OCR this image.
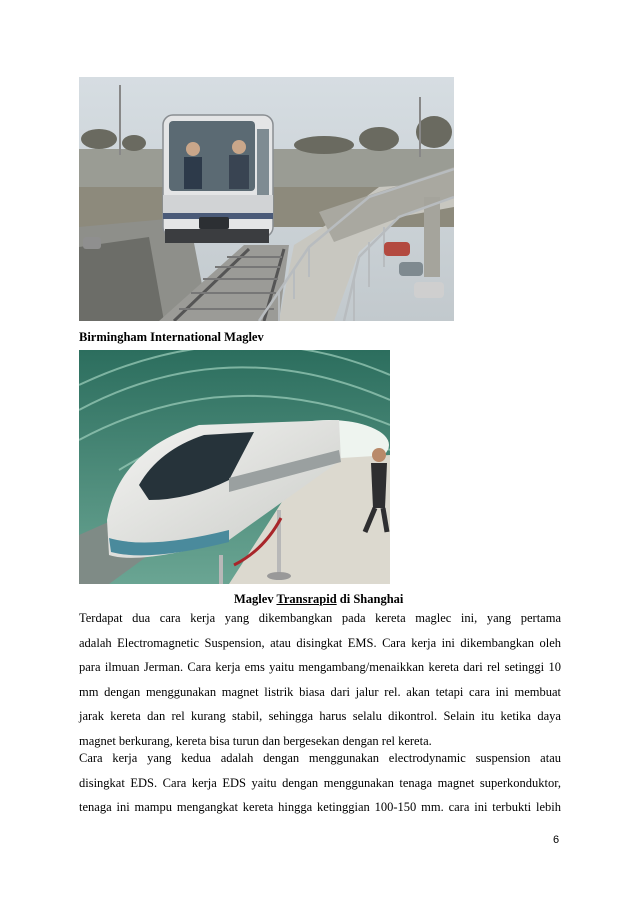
Birmingham International Maglev
Maglev Transrapid di Shanghai
Terdapat dua cara kerja yang dikembangkan pada kereta maglec ini, yang pertama
adalah Electromagnetic Suspension, atau disingkat EMS. Cara kerja ini dikembangkan oleh
para ilmuan Jerman. Cara kerja ems yaitu mengambang/menaikkan kereta dari rel setinggi 10
mm dengan menggunakan magnet listrik biasa dari jalur rel. akan tetapi cara ini membuat
jarak kereta dan rel kurang stabil, sehingga harus selalu dikontrol. Selain itu ketika daya
magnet berkurang, kereta bisa turun dan bergesekan dengan rel kereta.
Cara kerja yang kedua adalah dengan menggunakan electrodynamic suspension atau
disingkat EDS. Cara kerja EDS yaitu dengan menggunakan tenaga magnet superkonduktor,
tenaga ini mampu mengangkat kereta hingga ketinggian 100-150 mm. cara ini terbukti lebih
6
